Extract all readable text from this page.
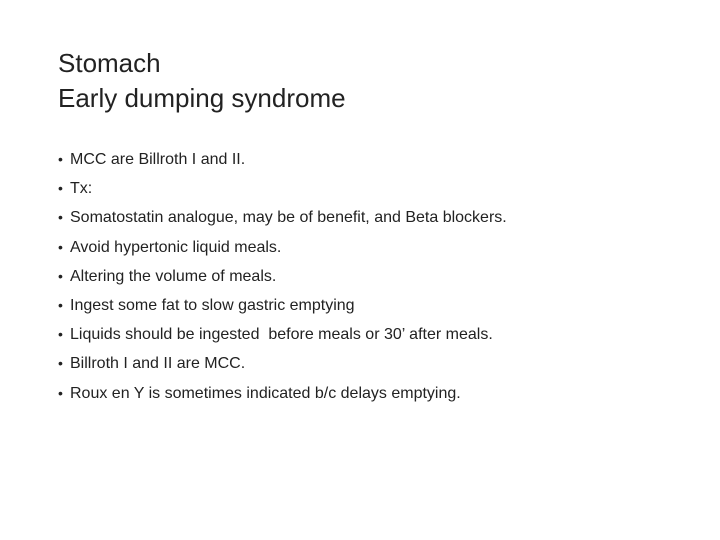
Stomach
Early dumping syndrome
• MCC are Billroth I and II.
• Tx:
• Somatostatin analogue, may be of benefit, and Beta blockers.
• Avoid hypertonic liquid meals.
• Altering the volume of meals.
• Ingest some fat to slow gastric emptying
• Liquids should be ingested  before meals or 30’ after meals.
• Billroth I and II are MCC.
• Roux en Y is sometimes indicated b/c delays emptying.
